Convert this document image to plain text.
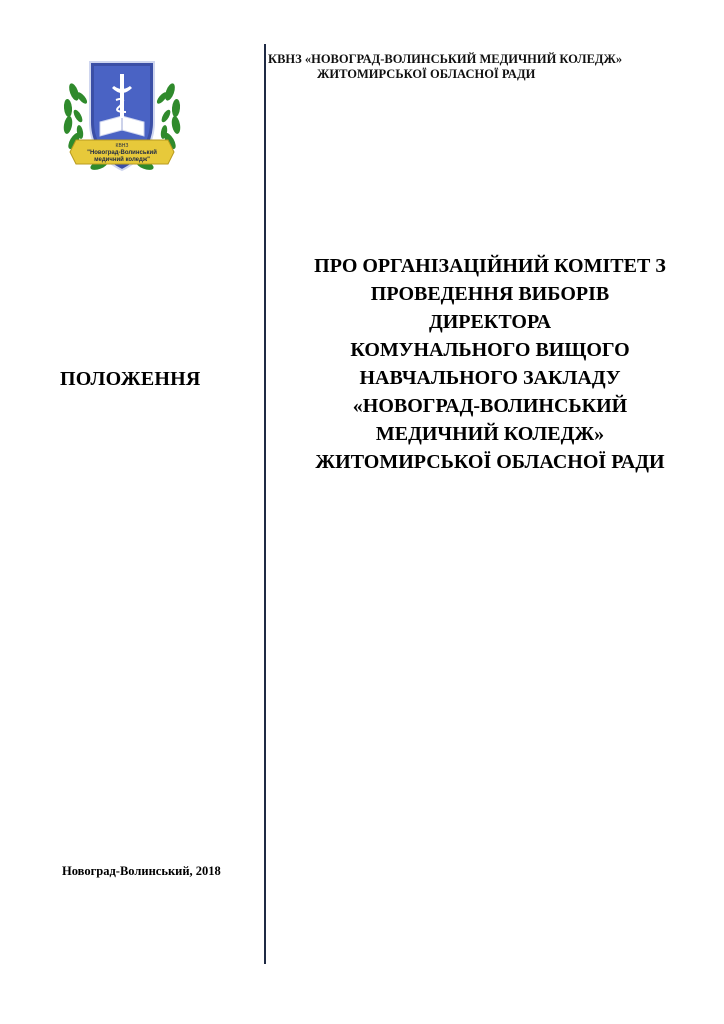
КВНЗ «НОВОГРАД-ВОЛИНСЬКИЙ МЕДИЧНИЙ КОЛЕДЖ»
ЖИТОМИРСЬКОЇ ОБЛАСНОЇ РАДИ
КВНЗ
"Новоград-Волинський
медичний коледж"
ПОЛОЖЕННЯ
ПРО ОРГАНІЗАЦІЙНИЙ КОМІТЕТ З
ПРОВЕДЕННЯ ВИБОРІВ
ДИРЕКТОРА
КОМУНАЛЬНОГО ВИЩОГО
НАВЧАЛЬНОГО ЗАКЛАДУ
«НОВОГРАД-ВОЛИНСЬКИЙ
МЕДИЧНИЙ КОЛЕДЖ»
ЖИТОМИРСЬКОЇ ОБЛАСНОЇ РАДИ
Новоград-Волинський, 2018
